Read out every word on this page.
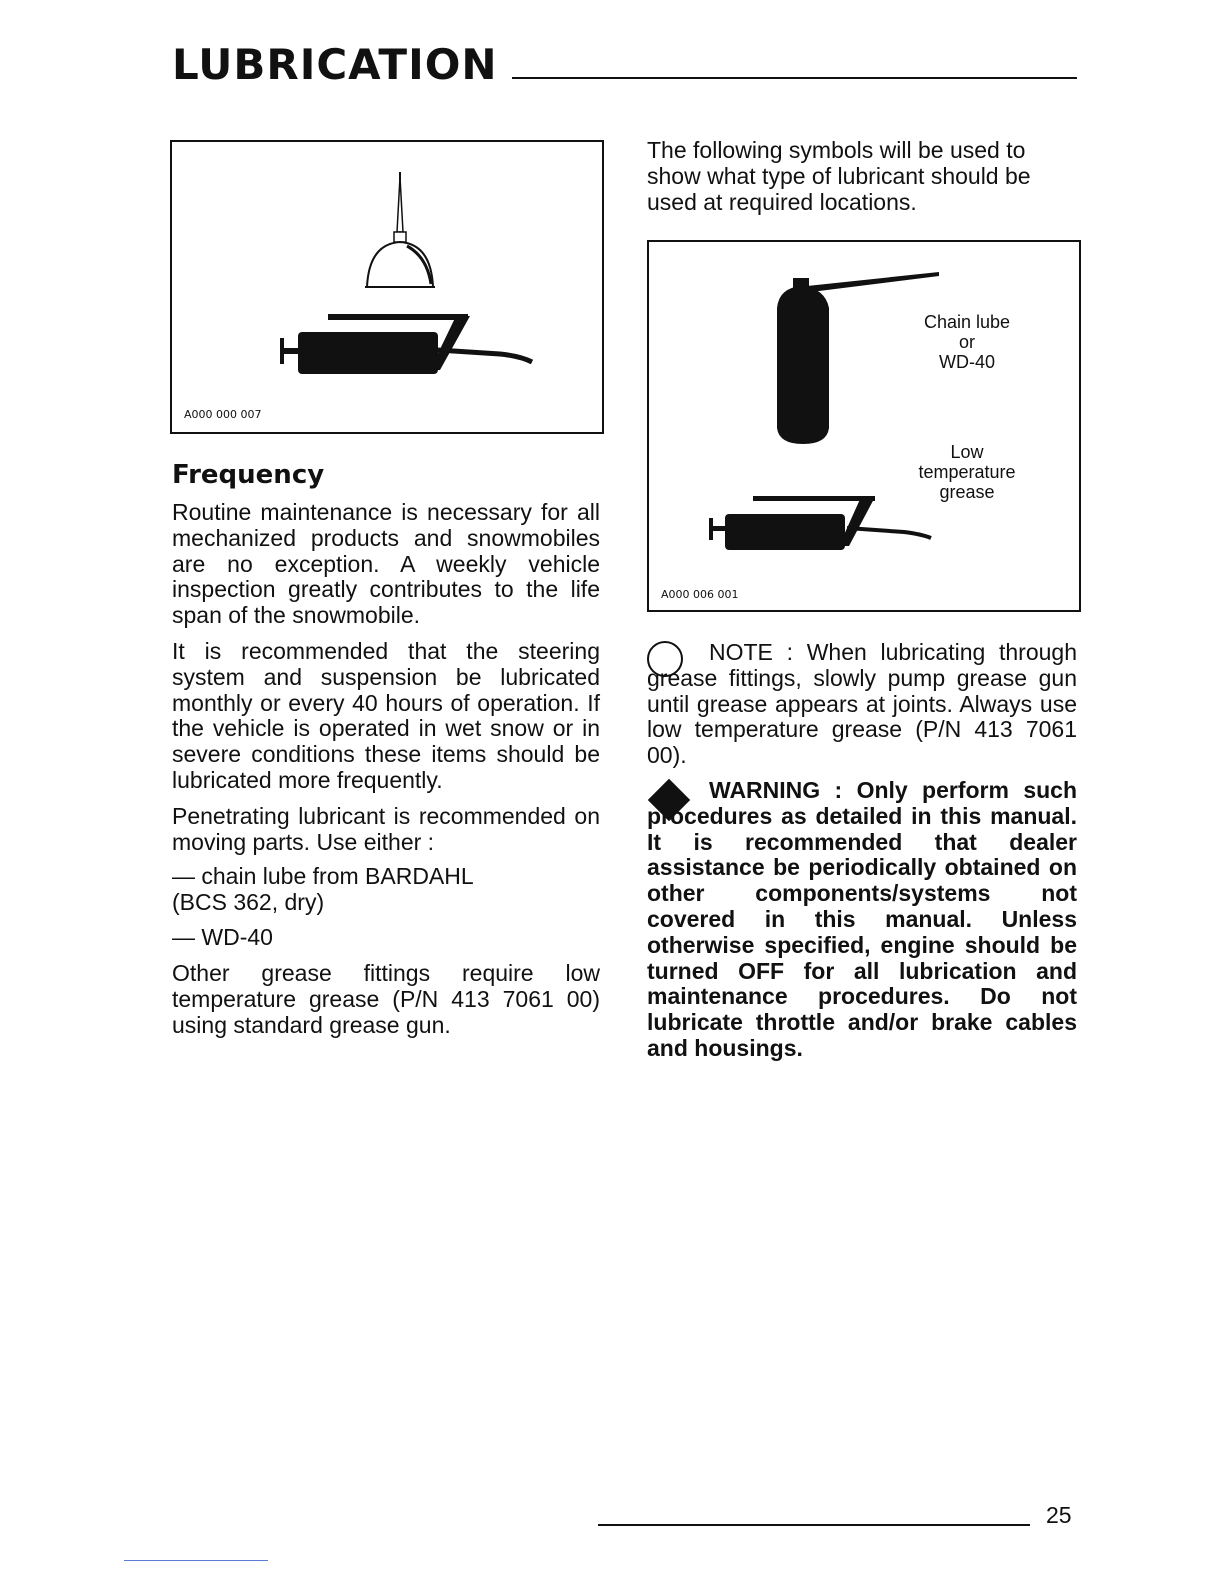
LUBRICATION
A000 000 007

The following symbols will be used to show what type of lubricant should be used at required locations.

Chain lube
or
WD-40
Low
temperature
grease
A000 006 001
Frequency

Routine maintenance is necessary for all mechanized products and snowmobiles are no exception. A weekly vehicle inspection greatly contributes to the life span of the snowmobile.

It is recommended that the steering system and suspension be lubricated monthly or every 40 hours of operation. If the vehicle is operated in wet snow or in severe conditions these items should be lubricated more frequently.

Penetrating lubricant is recommended on moving parts. Use either :

— chain lube from BARDAHL
(BCS 362, dry)

— WD-40

Other grease fittings require low temperature grease (P/N 413 7061 00) using standard grease gun.

NOTE : When lubricating through grease fittings, slowly pump grease gun until grease appears at joints. Always use low temperature grease (P/N 413 7061 00).

WARNING : Only perform such procedures as detailed in this manual. It is recommended that dealer assistance be periodically obtained on other components/systems not covered in this manual. Unless otherwise specified, engine should be turned OFF for all lubrication and maintenance procedures. Do not lubricate throttle and/or brake cables and housings.

25
